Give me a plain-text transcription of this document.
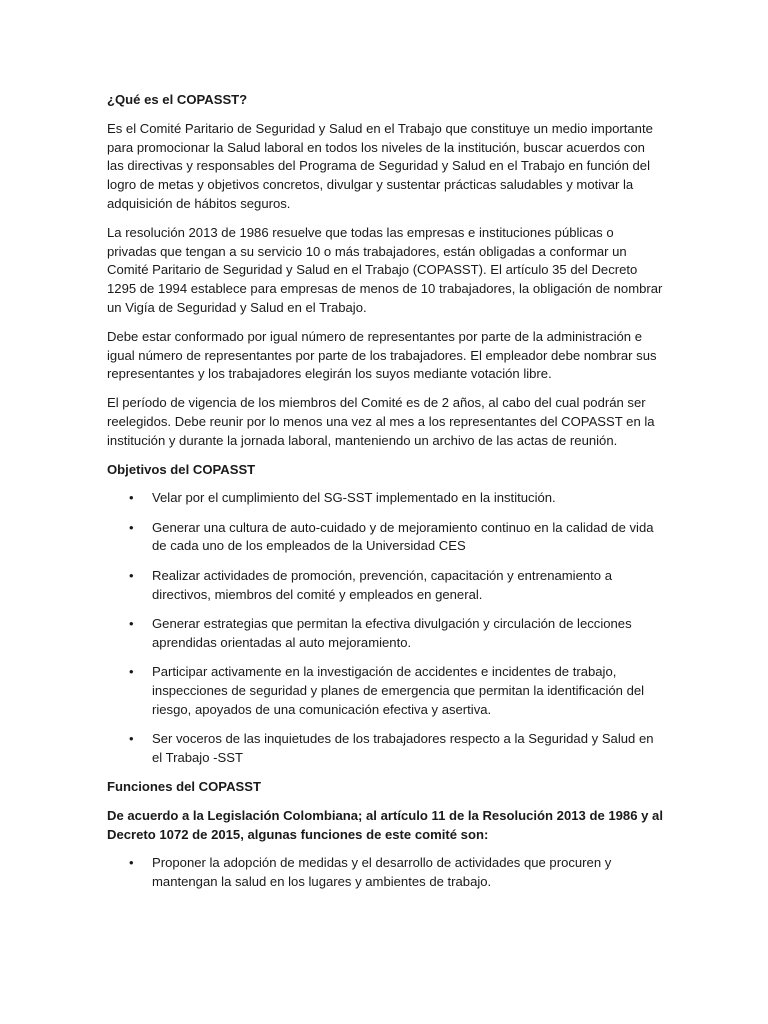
¿Qué es el COPASST?

Es el Comité Paritario de Seguridad y Salud en el Trabajo que constituye un medio importante para promocionar la Salud laboral en todos los niveles de la institución, buscar acuerdos con las directivas y responsables del Programa de Seguridad y Salud en el Trabajo en función del logro de metas y objetivos concretos, divulgar y sustentar prácticas saludables y motivar la adquisición de hábitos seguros.

La resolución 2013 de 1986 resuelve que todas las empresas e instituciones públicas o privadas que tengan a su servicio 10 o más trabajadores, están obligadas a conformar un Comité Paritario de Seguridad y Salud en el Trabajo (COPASST). El artículo 35 del Decreto 1295 de 1994 establece para empresas de menos de 10 trabajadores, la obligación de nombrar un Vigía de Seguridad y Salud en el Trabajo.

Debe estar conformado por igual número de representantes por parte de la administración e igual número de representantes por parte de los trabajadores. El empleador debe nombrar sus representantes y los trabajadores elegirán los suyos mediante votación libre.

El período de vigencia de los miembros del Comité es de 2 años, al cabo del cual podrán ser reelegidos. Debe reunir por lo menos una vez al mes a los representantes del COPASST en la institución y durante la jornada laboral, manteniendo un archivo de las actas de reunión.

Objetivos del COPASST

• Velar por el cumplimiento del SG-SST implementado en la institución.
• Generar una cultura de auto-cuidado y de mejoramiento continuo en la calidad de vida de cada uno de los empleados de la Universidad CES
• Realizar actividades de promoción, prevención, capacitación y entrenamiento a directivos, miembros del comité y empleados en general.
• Generar estrategias que permitan la efectiva divulgación y circulación de lecciones aprendidas orientadas al auto mejoramiento.
• Participar activamente en la investigación de accidentes e incidentes de trabajo, inspecciones de seguridad y planes de emergencia que permitan la identificación del riesgo, apoyados de una comunicación efectiva y asertiva.
• Ser voceros de las inquietudes de los trabajadores respecto a la Seguridad y Salud en el Trabajo -SST

Funciones del COPASST

De acuerdo a la Legislación Colombiana; al artículo 11 de la Resolución 2013 de 1986 y al Decreto 1072 de 2015, algunas funciones de este comité son:

• Proponer la adopción de medidas y el desarrollo de actividades que procuren y mantengan la salud en los lugares y ambientes de trabajo.
